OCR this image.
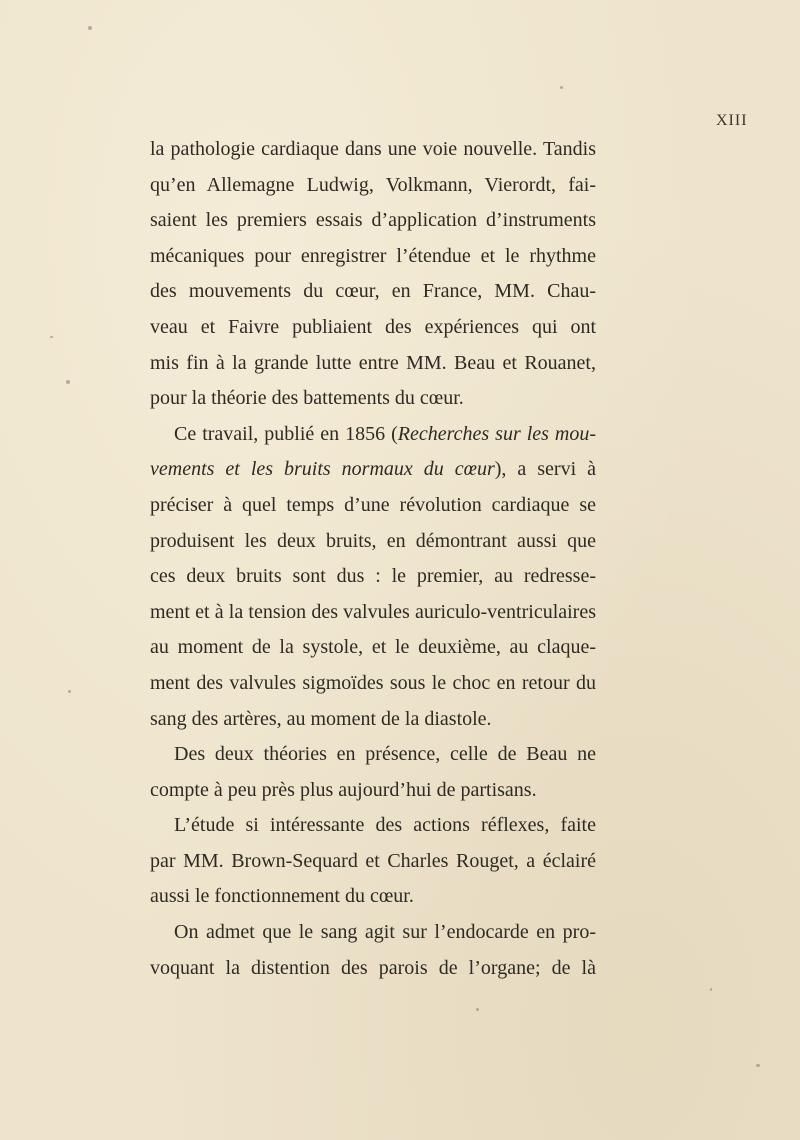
XIII
la pathologie cardiaque dans une voie nouvelle. Tandis
qu’en Allemagne Ludwig, Volkmann, Vierordt, fai-
saient les premiers essais d’application d’instruments
mécaniques pour enregistrer l’étendue et le rhythme
des mouvements du cœur, en France, MM. Chau-
veau et Faivre publiaient des expériences qui ont
mis fin à la grande lutte entre MM. Beau et Rouanet,
pour la théorie des battements du cœur.
Ce travail, publié en 1856 (Recherches sur les mou-
vements et les bruits normaux du cœur), a servi à
préciser à quel temps d’une révolution cardiaque se
produisent les deux bruits, en démontrant aussi que
ces deux bruits sont dus : le premier, au redresse-
ment et à la tension des valvules auriculo-ventriculaires
au moment de la systole, et le deuxième, au claque-
ment des valvules sigmoïdes sous le choc en retour du
sang des artères, au moment de la diastole.
Des deux théories en présence, celle de Beau ne
compte à peu près plus aujourd’hui de partisans.
L’étude si intéressante des actions réflexes, faite
par MM. Brown-Sequard et Charles Rouget, a éclairé
aussi le fonctionnement du cœur.
On admet que le sang agit sur l’endocarde en pro-
voquant la distention des parois de l’organe; de là
